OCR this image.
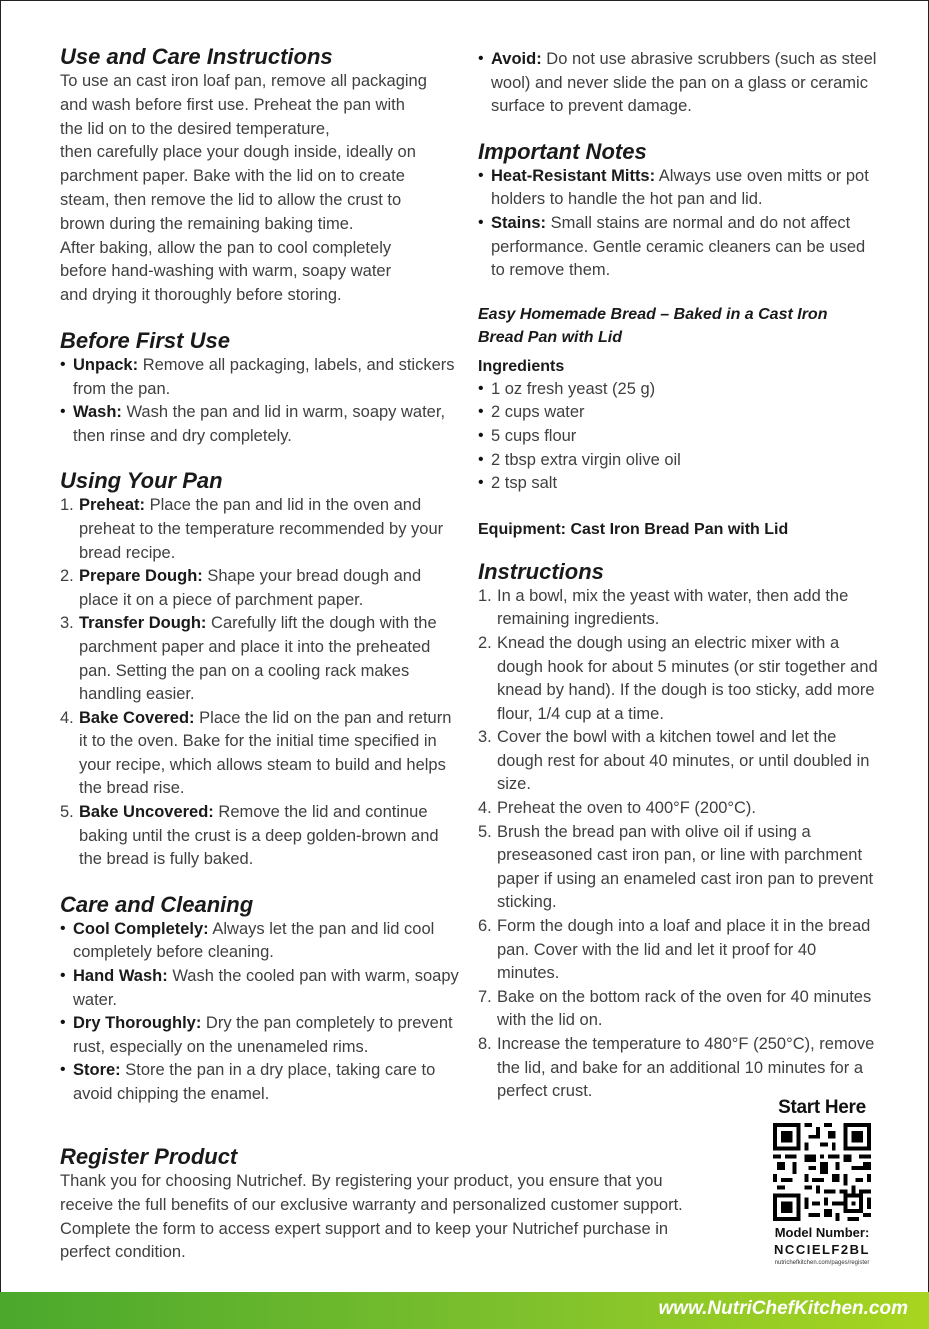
Use and Care Instructions

To use an cast iron loaf pan, remove all packaging
and wash before first use. Preheat the pan with
the lid on to the desired temperature,
then carefully place your dough inside, ideally on
parchment paper. Bake with the lid on to create
steam, then remove the lid to allow the crust to
brown during the remaining baking time.
After baking, allow the pan to cool completely
before hand-washing with warm, soapy water
and drying it thoroughly before storing.

Before First Use
• Unpack: Remove all packaging, labels, and stickers from the pan.
• Wash: Wash the pan and lid in warm, soapy water, then rinse and dry completely.
Using Your Pan
1. Preheat: Place the pan and lid in the oven and preheat to the temperature recommended by your bread recipe.
2. Prepare Dough: Shape your bread dough and place it on a piece of parchment paper.
3. Transfer Dough: Carefully lift the dough with the parchment paper and place it into the preheated pan. Setting the pan on a cooling rack makes handling easier.
4. Bake Covered: Place the lid on the pan and return it to the oven. Bake for the initial time specified in your recipe, which allows steam to build and helps the bread rise.
5. Bake Uncovered: Remove the lid and continue baking until the crust is a deep golden-brown and the bread is fully baked.
Care and Cleaning
• Cool Completely: Always let the pan and lid cool completely before cleaning.
• Hand Wash: Wash the cooled pan with warm, soapy water.
• Dry Thoroughly: Dry the pan completely to prevent rust, especially on the unenameled rims.
• Store: Store the pan in a dry place, taking care to avoid chipping the enamel.
• Avoid: Do not use abrasive scrubbers (such as steel wool) and never slide the pan on a glass or ceramic surface to prevent damage.
Important Notes
• Heat-Resistant Mitts: Always use oven mitts or pot holders to handle the hot pan and lid.
• Stains: Small stains are normal and do not affect performance. Gentle ceramic cleaners can be used to remove them.
Easy Homemade Bread – Baked in a Cast Iron
Bread Pan with Lid
Ingredients
• 1 oz fresh yeast (25 g)
• 2 cups water
• 5 cups flour
• 2 tbsp extra virgin olive oil
• 2 tsp salt
Equipment: Cast Iron Bread Pan with Lid
Instructions
1. In a bowl, mix the yeast with water, then add the remaining ingredients.
2. Knead the dough using an electric mixer with a dough hook for about 5 minutes (or stir together and knead by hand). If the dough is too sticky, add more flour, 1/4 cup at a time.
3. Cover the bowl with a kitchen towel and let the dough rest for about 40 minutes, or until doubled in size.
4. Preheat the oven to 400°F (200°C).
5. Brush the bread pan with olive oil if using a preseasoned cast iron pan, or line with parchment paper if using an enameled cast iron pan to prevent sticking.
6. Form the dough into a loaf and place it in the bread pan. Cover with the lid and let it proof for 40 minutes.
7. Bake on the bottom rack of the oven for 40 minutes with the lid on.
8. Increase the temperature to 480°F (250°C), remove the lid, and bake for an additional 10 minutes for a perfect crust.
Register Product

Thank you for choosing Nutrichef. By registering your product, you ensure that you
receive the full benefits of our exclusive warranty and personalized customer support.
Complete the form to access expert support and to keep your Nutrichef purchase in
perfect condition.

Start Here
Model Number:
NCCIELF2BL
nutrichefkitchen.com/pages/register
www.NutriChefKitchen.com
